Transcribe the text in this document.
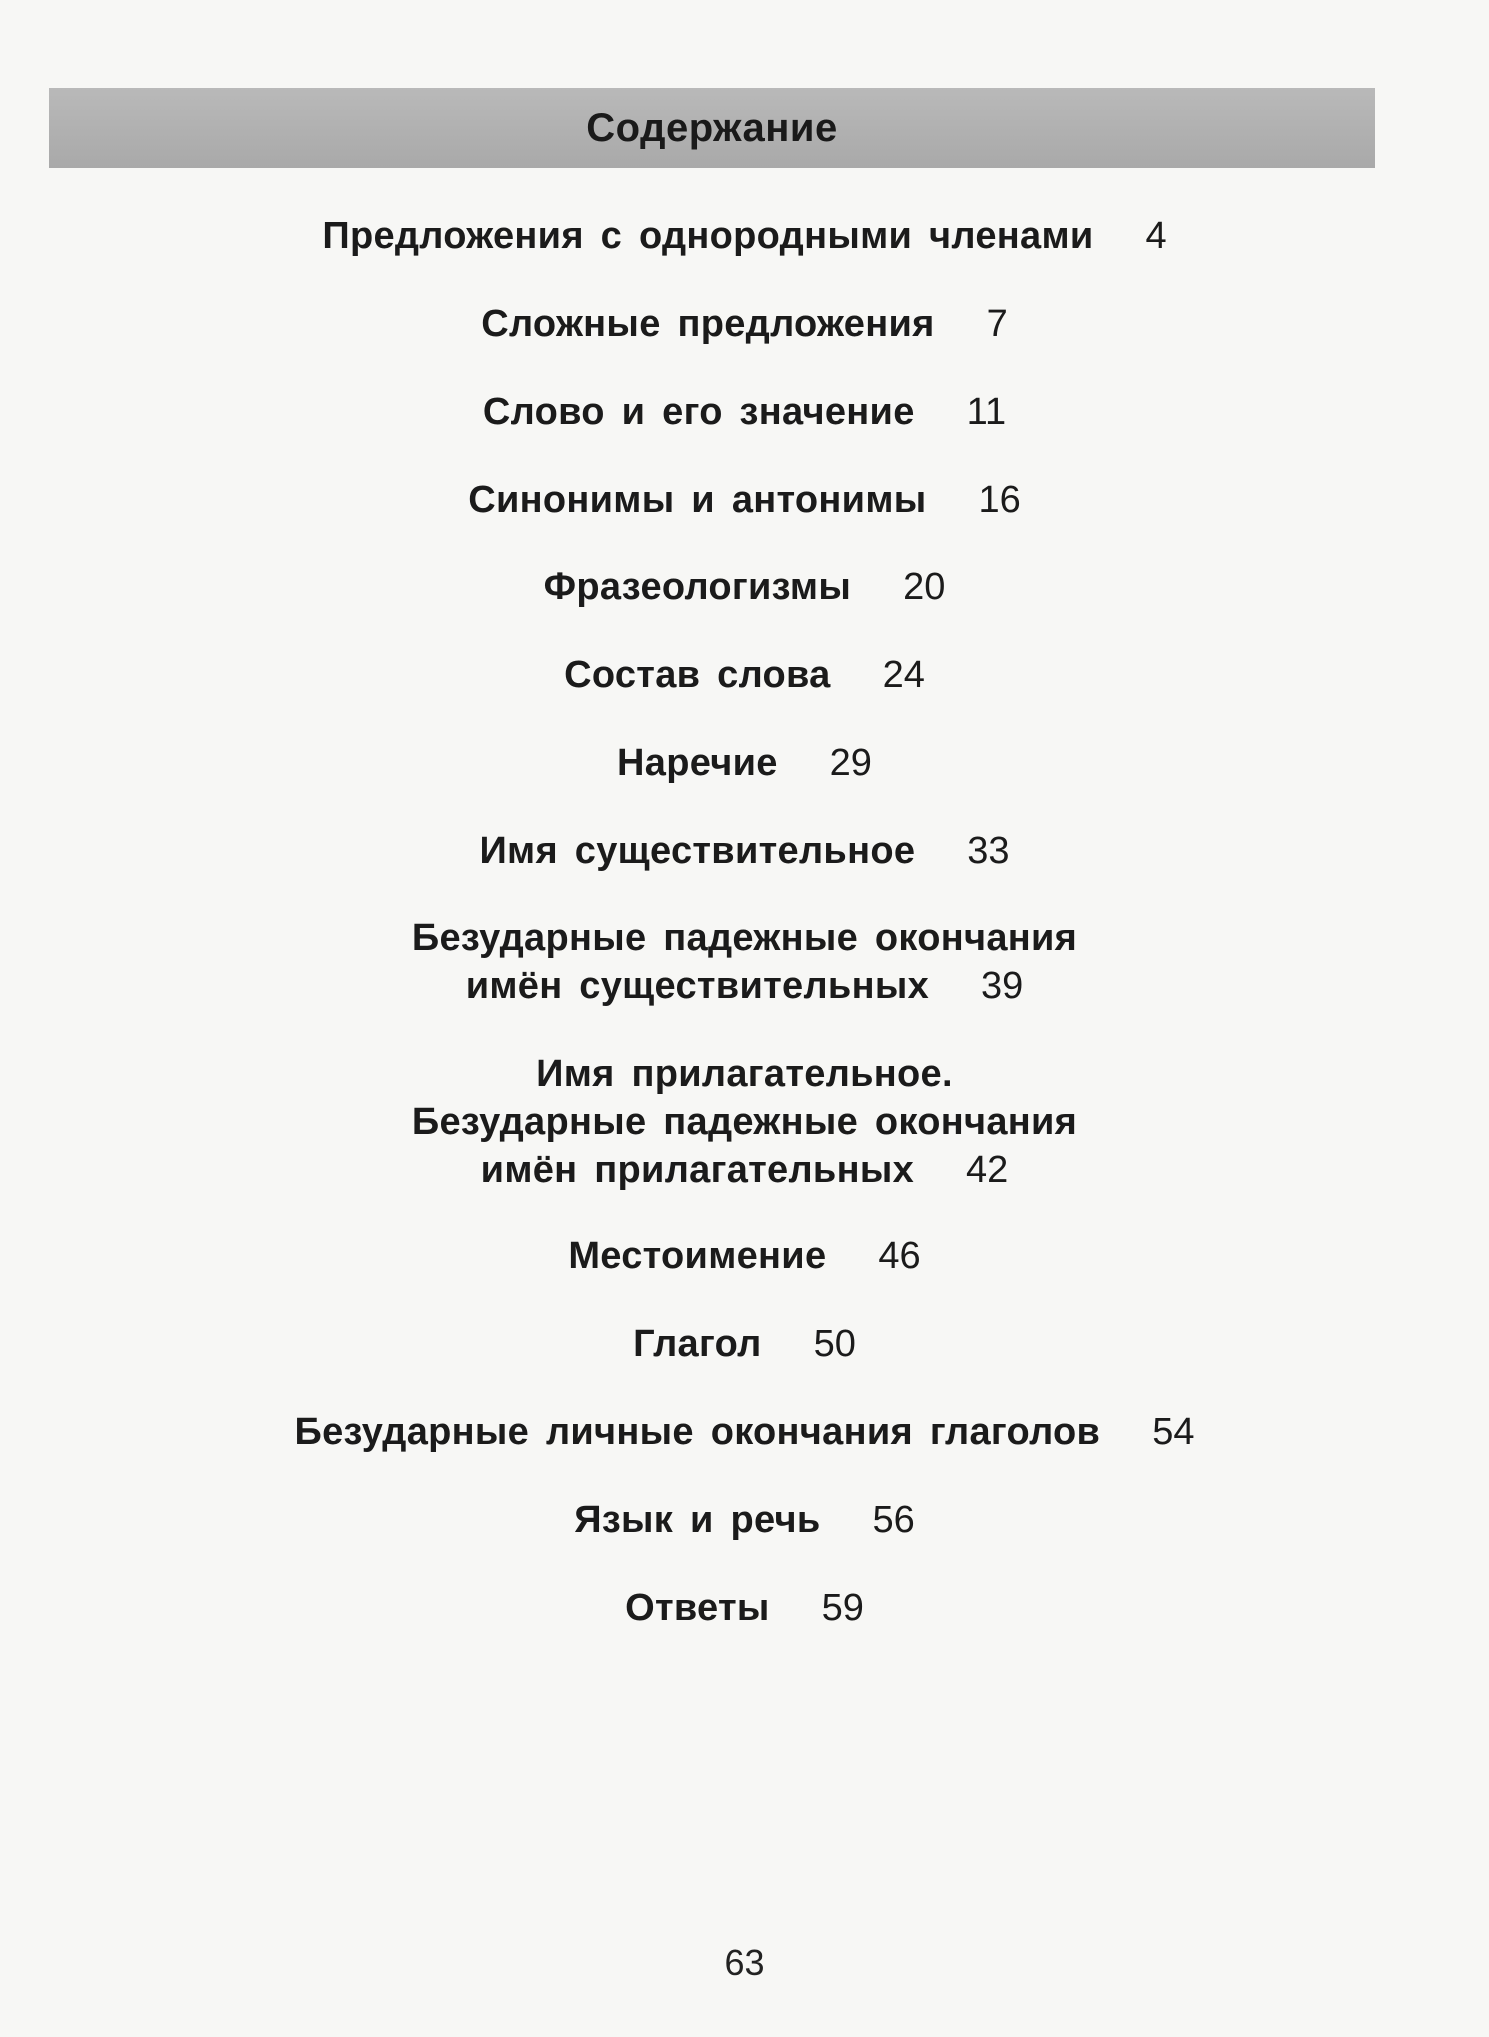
Содержание
Предложения с однородными членами 4
Сложные предложения 7
Слово и его значение 11
Синонимы и антонимы 16
Фразеологизмы 20
Состав слова 24
Наречие 29
Имя существительное 33
Безударные падежные окончания
имён существительных 39
Имя прилагательное.
Безударные падежные окончания
имён прилагательных 42
Местоимение 46
Глагол 50
Безударные личные окончания глаголов 54
Язык и речь 56
Ответы 59
63
